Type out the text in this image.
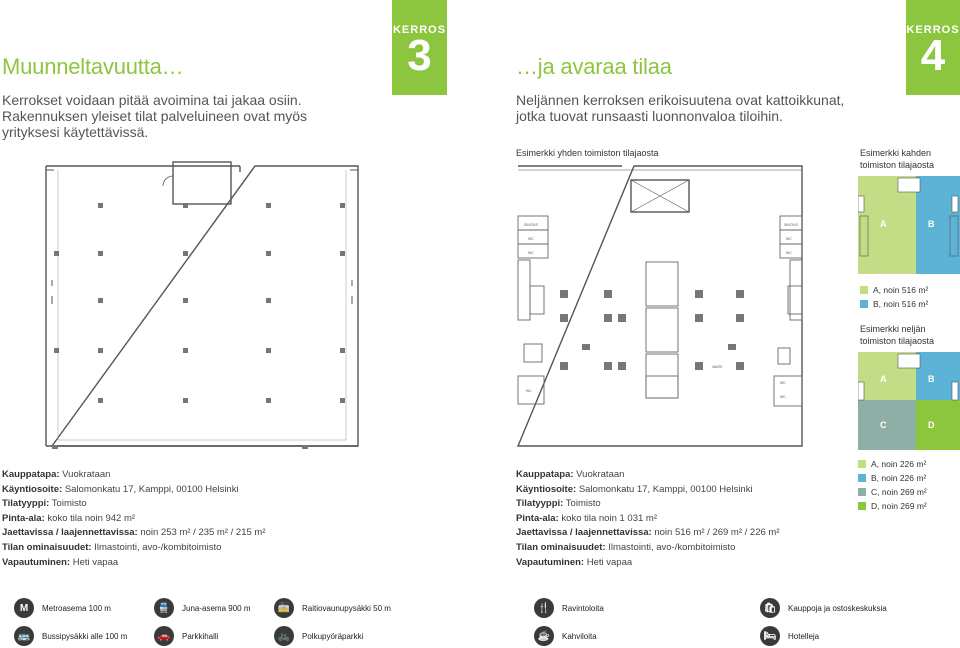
Muunneltavuutta…
Kerrokset voidaan pitää avoimina tai jakaa osiin. Rakennuksen yleiset tilat palveluineen ovat myös yrityksesi käytettävissä.
KERROS
3	…ja avaraa tilaa
Neljännen kerroksen erikoisuutena ovat kattoikkunat, jotka tuovat runsaasti luonnonvaloa tiloihin.
KERROS
4
Esimerkki yhden toimiston tilajaosta
SIIVOUS
WC
WC
SIIVOUS
WC
WC
WC
WC
WC
VAATE
Esimerkki kahden toimiston tilajaosta
A	B
A, noin 516 m²
B, noin 516 m²
Esimerkki neljän toimiston tilajaosta
A	B
C	D
A, noin 226 m²
B, noin 226 m²
C, noin 269 m²
D, noin 269 m²
Kauppatapa: Vuokrataan
Käyntiosoite: Salomonkatu 17, Kamppi, 00100 Helsinki
Tilatyyppi: Toimisto
Pinta-ala: koko tila noin 942 m²
Jaettavissa / laajennettavissa: noin 253 m² / 235 m² / 215 m²
Tilan ominaisuudet: Ilmastointi, avo-/kombitoimisto
Vapautuminen: Heti vapaa
Kauppatapa: Vuokrataan
Käyntiosoite: Salomonkatu 17, Kamppi, 00100 Helsinki
Tilatyyppi: Toimisto
Pinta-ala: koko tila noin 1 031 m²
Jaettavissa / laajennettavissa: noin 516 m² / 269 m² / 226 m²
Tilan ominaisuudet: Ilmastointi, avo-/kombitoimisto
Vapautuminen: Heti vapaa
M	Metroasema 100 m	🚆	Juna-asema 900 m	🚋	Raitiovaunupysäkki 50 m	🍴	Ravintoloita	🛍	Kauppoja ja ostoskeskuksia
🚌	Bussipysäkki alle 100 m	🚗	Parkkihalli	🚲	Polkupyöräparkki	☕	Kahviloita	🛏	Hotelleja
